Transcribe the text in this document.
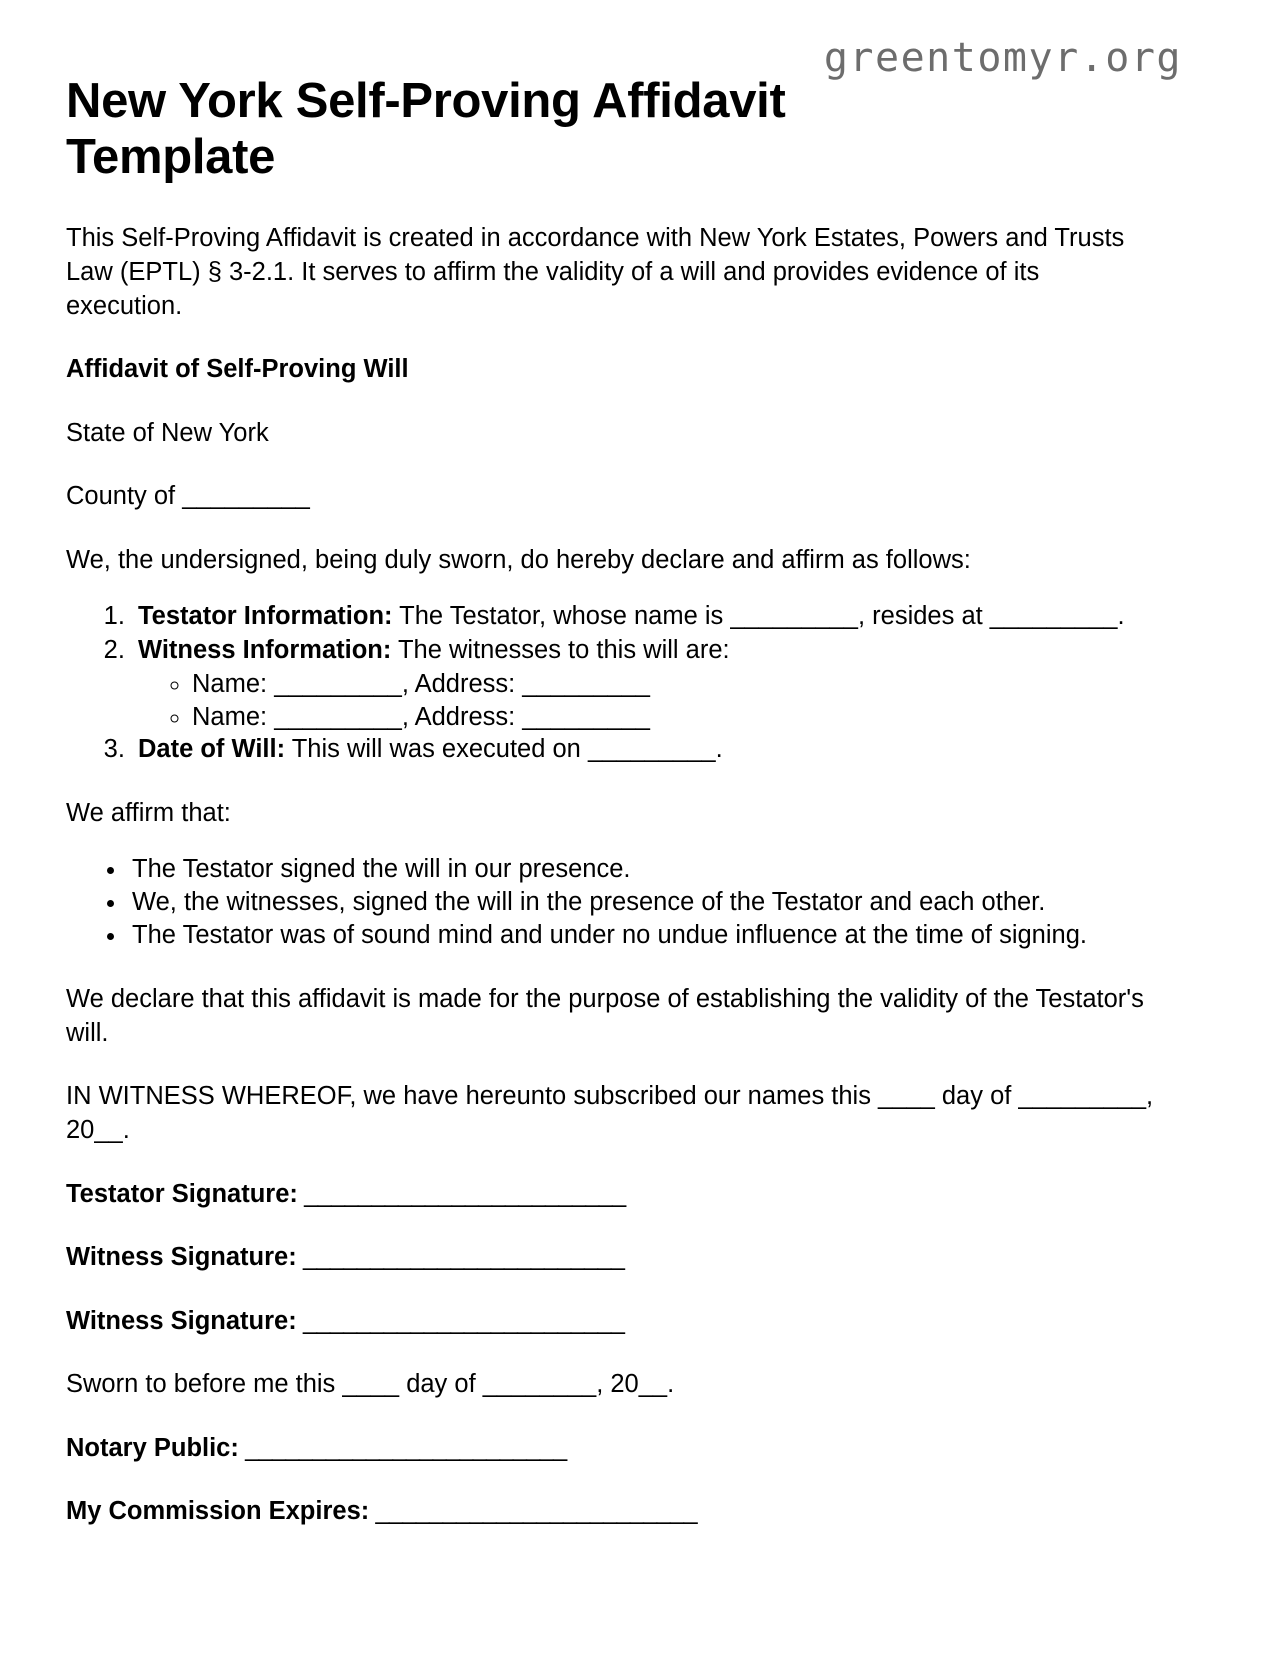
greentomyr.org
New York Self-Proving Affidavit Template

This Self-Proving Affidavit is created in accordance with New York Estates, Powers and Trusts Law (EPTL) § 3-2.1. It serves to affirm the validity of a will and provides evidence of its execution.

Affidavit of Self-Proving Will

State of New York

County of _________

We, the undersigned, being duly sworn, do hereby declare and affirm as follows:

1. Testator Information: The Testator, whose name is _________, resides at _________.
2. Witness Information: The witnesses to this will are:
◦ Name: _________, Address: _________
◦ Name: _________, Address: _________
3. Date of Will: This will was executed on _________.

We affirm that:

• The Testator signed the will in our presence.
• We, the witnesses, signed the will in the presence of the Testator and each other.
• The Testator was of sound mind and under no undue influence at the time of signing.

We declare that this affidavit is made for the purpose of establishing the validity of the Testator's will.

IN WITNESS WHEREOF, we have hereunto subscribed our names this ____ day of _________, 20__.

Testator Signature: ________________________

Witness Signature: ________________________

Witness Signature: ________________________

Sworn to before me this ____ day of ________, 20__.

Notary Public: ________________________

My Commission Expires: ________________________
